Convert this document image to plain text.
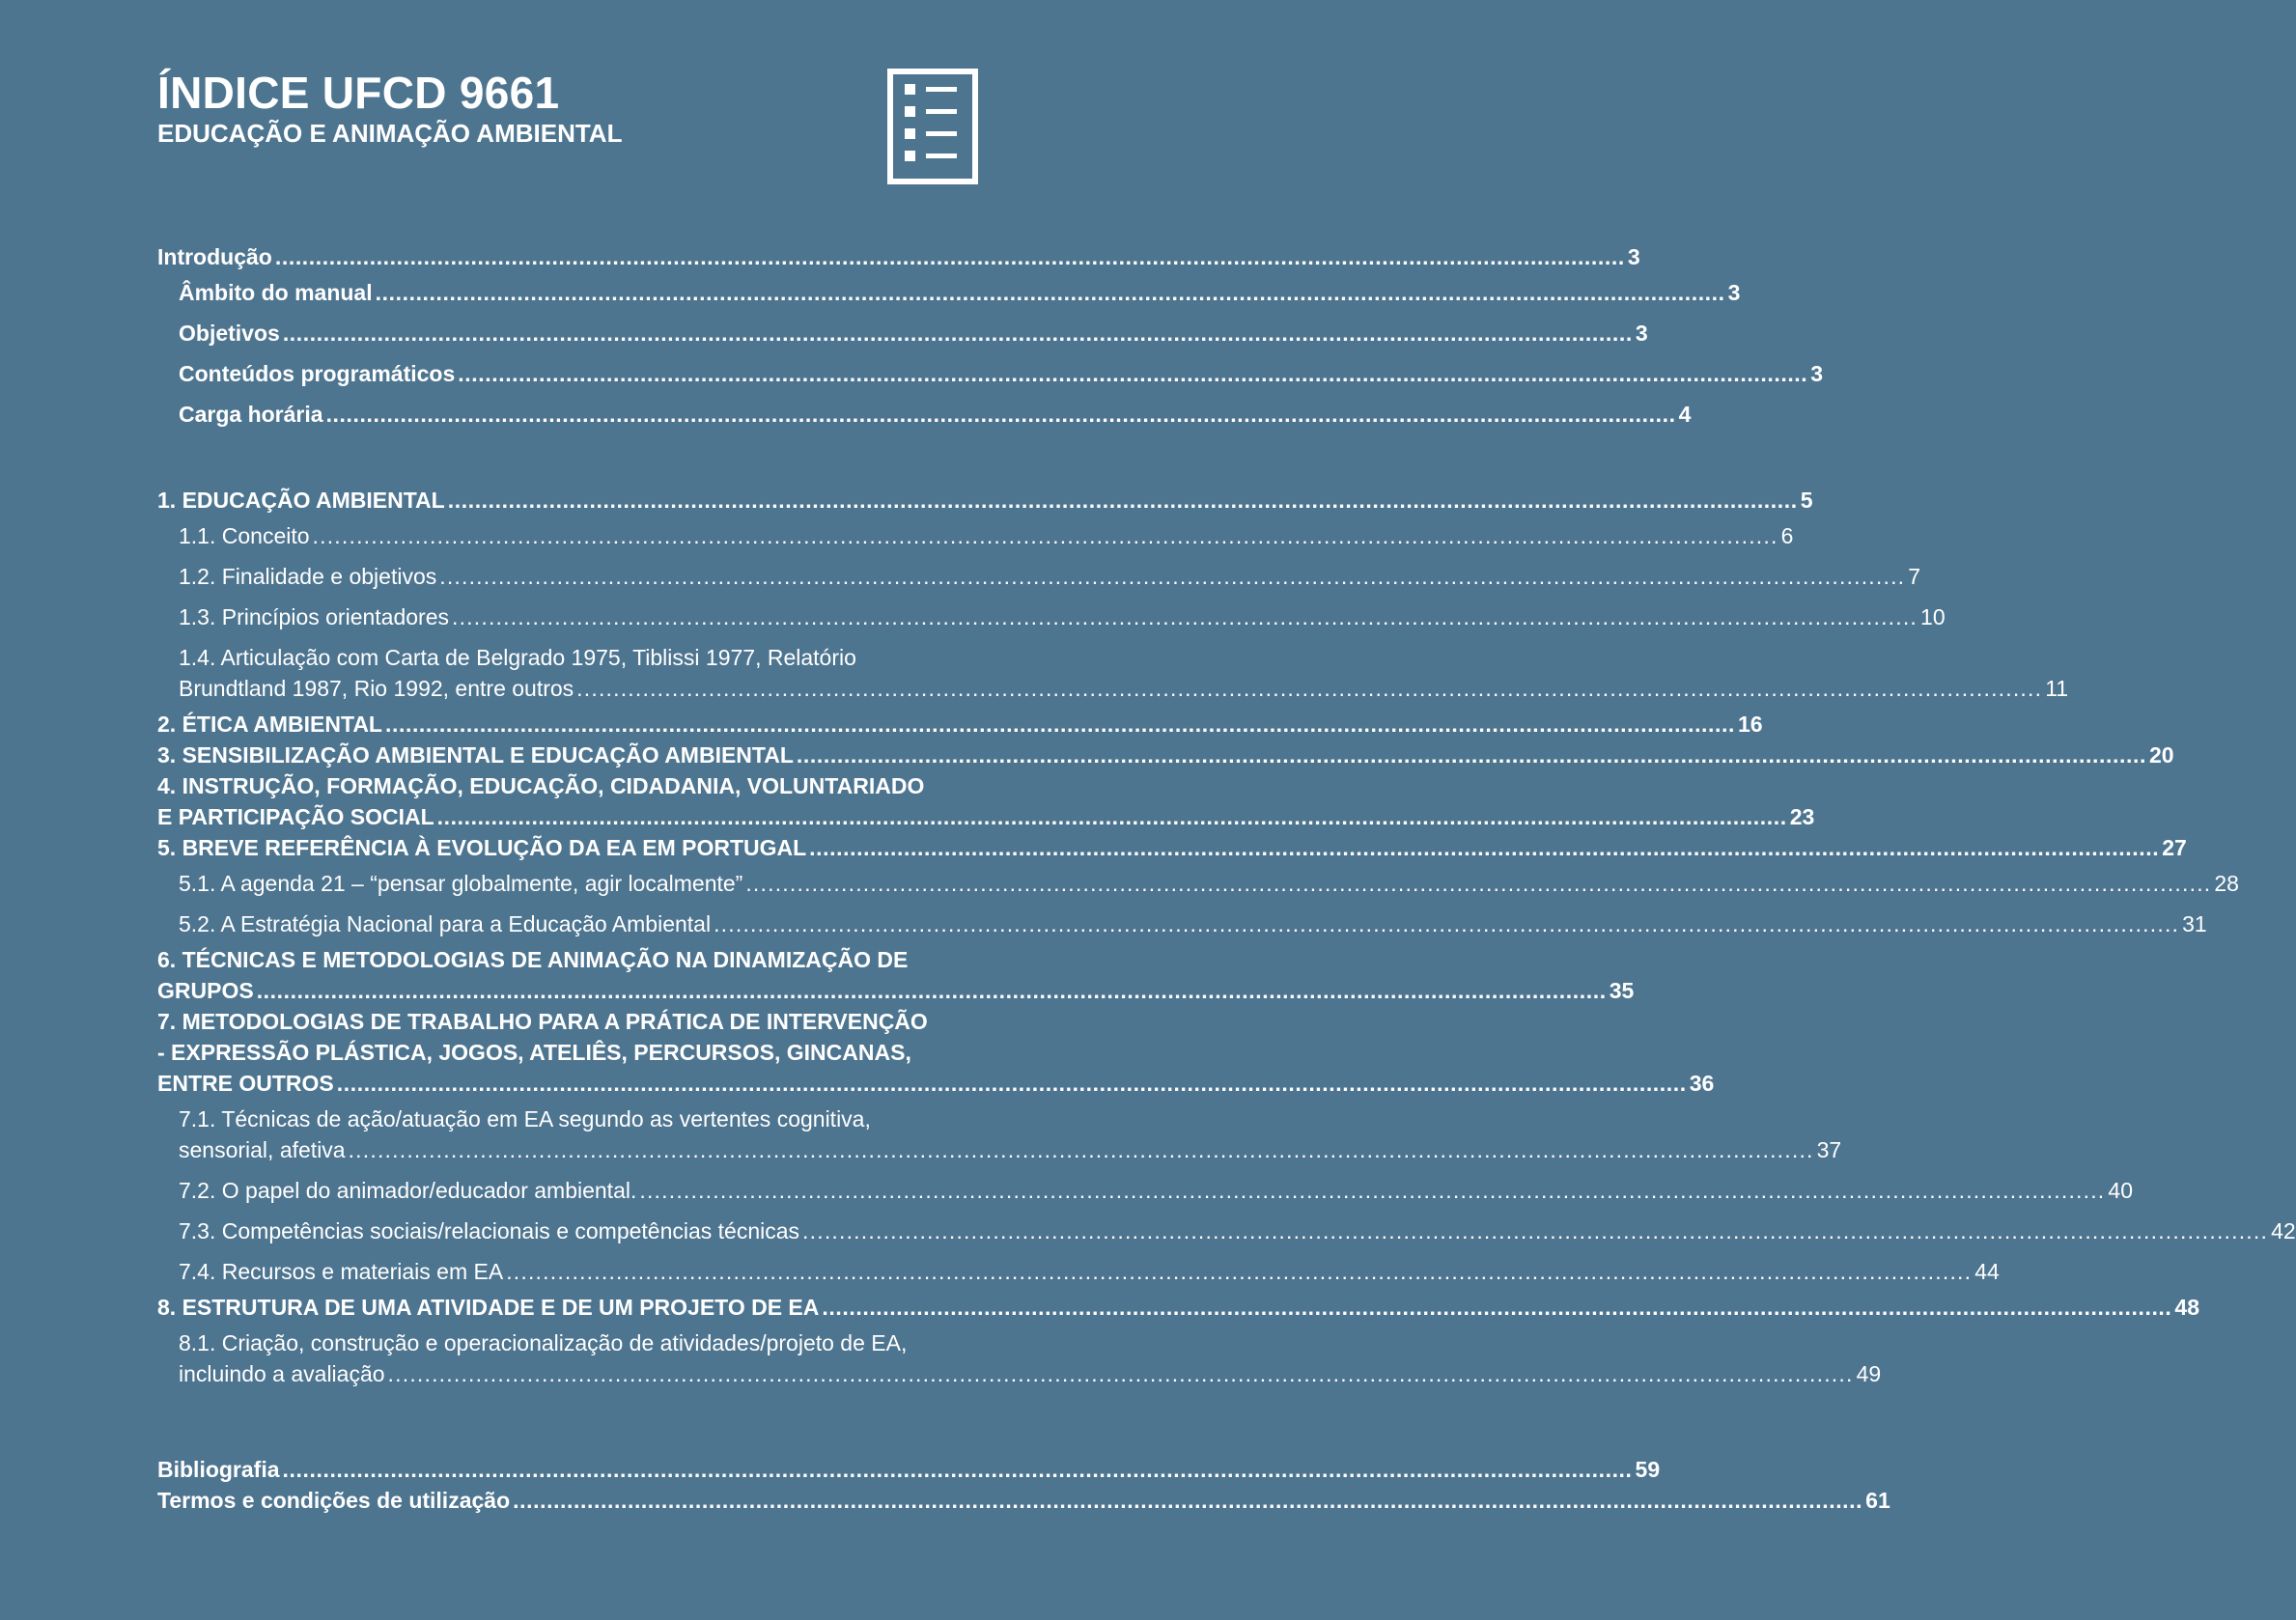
ÍNDICE UFCD 9661
EDUCAÇÃO E ANIMAÇÃO AMBIENTAL
Introdução ........................................................................................................................................................................................................ 3
Âmbito do manual ........................................................................................................................................................................................................ 3
Objetivos ........................................................................................................................................................................................................ 3
Conteúdos programáticos ........................................................................................................................................................................................................ 3
Carga horária ........................................................................................................................................................................................................ 4
1. EDUCAÇÃO AMBIENTAL ........................................................................................................................................................................................................ 5
1.1. Conceito ........................................................................................................................................................................................................ 6
1.2. Finalidade e objetivos ........................................................................................................................................................................................................ 7
1.3. Princípios orientadores ........................................................................................................................................................................................................ 10
1.4. Articulação com Carta de Belgrado 1975, Tiblissi 1977, Relatório
Brundtland 1987, Rio 1992, entre outros ........................................................................................................................................................................................................ 11
2. ÉTICA AMBIENTAL ........................................................................................................................................................................................................ 16
3. SENSIBILIZAÇÃO AMBIENTAL E EDUCAÇÃO AMBIENTAL ........................................................................................................................................................................................................ 20
4. INSTRUÇÃO, FORMAÇÃO, EDUCAÇÃO, CIDADANIA, VOLUNTARIADO
E PARTICIPAÇÃO SOCIAL ........................................................................................................................................................................................................ 23
5. BREVE REFERÊNCIA À EVOLUÇÃO DA EA EM PORTUGAL ........................................................................................................................................................................................................ 27
5.1. A agenda 21 – “pensar globalmente, agir localmente” ........................................................................................................................................................................................................ 28
5.2. A Estratégia Nacional para a Educação Ambiental ........................................................................................................................................................................................................ 31
6. TÉCNICAS E METODOLOGIAS DE ANIMAÇÃO NA DINAMIZAÇÃO DE
GRUPOS ........................................................................................................................................................................................................ 35
7. METODOLOGIAS DE TRABALHO PARA A PRÁTICA DE INTERVENÇÃO
- EXPRESSÃO PLÁSTICA, JOGOS, ATELIÊS, PERCURSOS, GINCANAS,
ENTRE OUTROS ........................................................................................................................................................................................................ 36
7.1. Técnicas de ação/atuação em EA segundo as vertentes cognitiva,
sensorial, afetiva ........................................................................................................................................................................................................ 37
7.2. O papel do animador/educador ambiental. ........................................................................................................................................................................................................ 40
7.3. Competências sociais/relacionais e competências técnicas ........................................................................................................................................................................................................ 42
7.4. Recursos e materiais em EA ........................................................................................................................................................................................................ 44
8. ESTRUTURA DE UMA ATIVIDADE E DE UM PROJETO DE EA ........................................................................................................................................................................................................ 48
8.1. Criação, construção e operacionalização de atividades/projeto de EA,
incluindo a avaliação ........................................................................................................................................................................................................ 49
Bibliografia ........................................................................................................................................................................................................ 59
Termos e condições de utilização ........................................................................................................................................................................................................ 61
